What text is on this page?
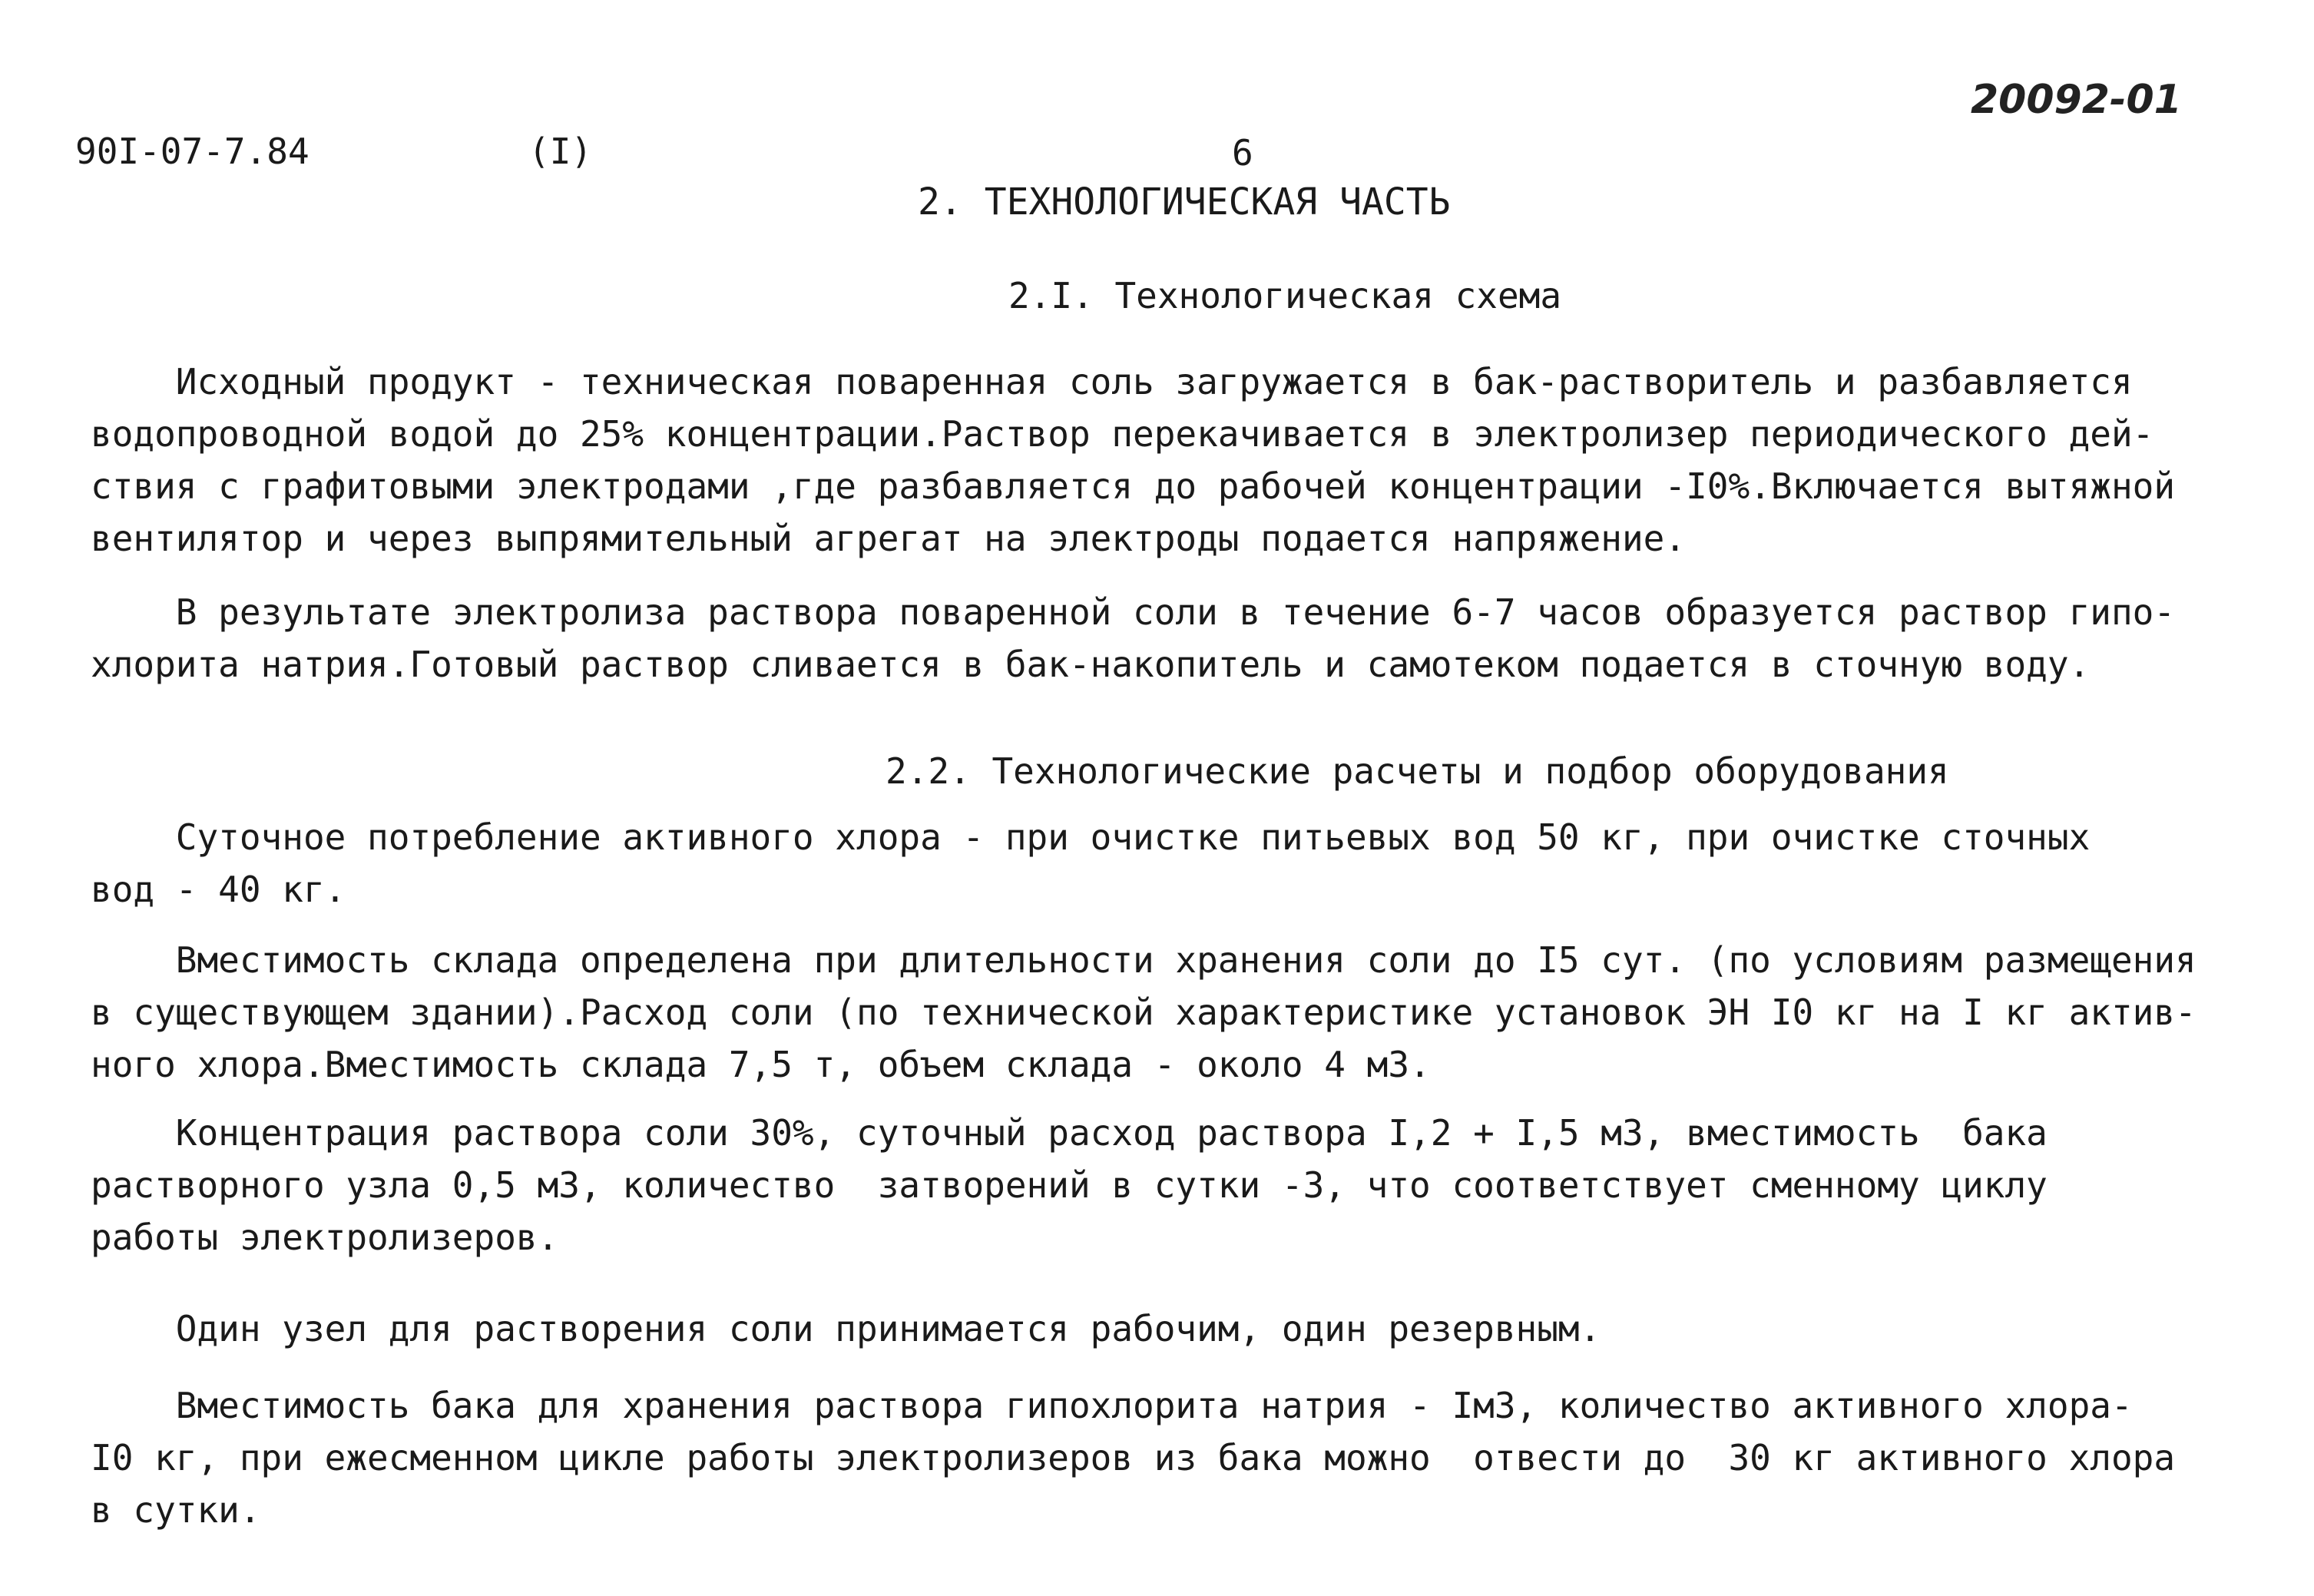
90I-07-7.84	(I)	6
20092-01
2. ТЕХНОЛОГИЧЕСКАЯ ЧАСТЬ
2.I. Технологическая схема
Исходный продукт - техническая поваренная соль загружается в бак-растворитель и разбавляется
водопроводной водой до 25% концентрации.Раствор перекачивается в электролизер периодического дей-
ствия с графитовыми электродами ,где разбавляется до рабочей концентрации -I0%.Включается вытяжной
вентилятор и через выпрямительный агрегат на электроды подается напряжение.
В результате электролиза раствора поваренной соли в течение 6-7 часов образуется раствор гипо-
хлорита натрия.Готовый раствор сливается в бак-накопитель и самотеком подается в сточную воду.
2.2. Технологические расчеты и подбор оборудования
Суточное потребление активного хлора - при очистке питьевых вод 50 кг, при очистке сточных
вод - 40 кг.
Вместимость склада определена при длительности хранения соли до I5 сут. (по условиям размещения
в существующем здании).Расход соли (по технической характеристике установок ЭН I0 кг на I кг актив-
ного хлора.Вместимость склада 7,5 т, объем склада - около 4 м3.
Концентрация раствора соли 30%, суточный расход раствора I,2 + I,5 м3, вместимость  бака
растворного узла 0,5 м3, количество  затворений в сутки -3, что соответствует сменному циклу
работы электролизеров.
Один узел для растворения соли принимается рабочим, один резервным.
Вместимость бака для хранения раствора гипохлорита натрия - Iм3, количество активного хлора-
I0 кг, при ежесменном цикле работы электролизеров из бака можно  отвести до  30 кг активного хлора
в сутки.
